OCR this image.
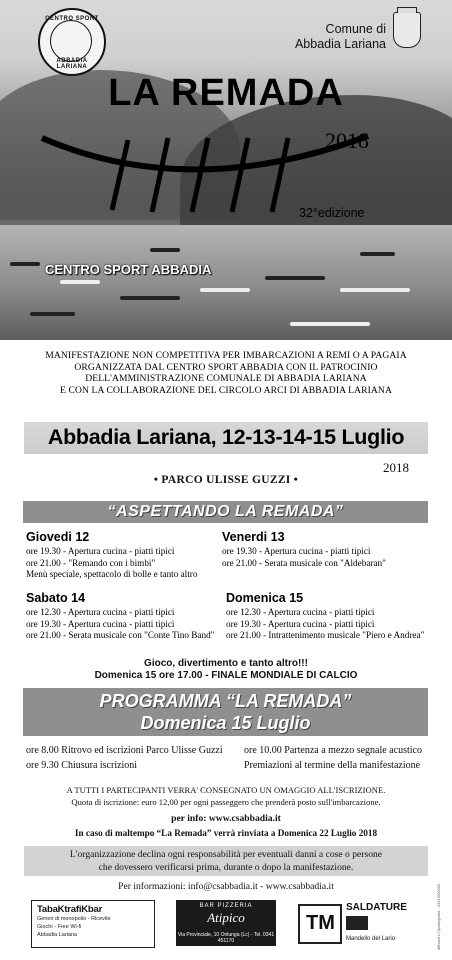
CENTRO SPORT
ABBADIA LARIANA
Comune di
Abbadia Lariana
LA REMADA
2018
32°edizione
CENTRO SPORT ABBADIA
MANIFESTAZIONE NON COMPETITIVA PER IMBARCAZIONI A REMI O A PAGAIA
ORGANIZZATA DAL CENTRO SPORT ABBADIA CON IL PATROCINIO
DELL'AMMINISTRAZIONE COMUNALE DI ABBADIA LARIANA
E CON LA COLLABORAZIONE DEL CIRCOLO ARCI DI ABBADIA LARIANA
Abbadia Lariana, 12-13-14-15 Luglio
2018
• PARCO ULISSE GUZZI •
“ASPETTANDO LA REMADA”
Giovedi 12
ore 19.30 - Apertura cucina - piatti tipici
ore 21.00 - "Remando con i bimbi"
Menù speciale, spettacolo di bolle e tanto altro
Venerdi 13
ore 19.30 - Apertura cucina - piatti tipici
ore 21.00 - Serata musicale con "Aldebaran"
Sabato 14
ore 12.30 - Apertura cucina - piatti tipici
ore 19.30 - Apertura cucina - piatti tipici
ore 21.00 - Serata musicale con "Conte Tino Band"
Domenica 15
ore 12.30 - Apertura cucina - piatti tipici
ore 19.30 - Apertura cucina - piatti tipici
ore 21.00 - Intrattenimento musicale "Piero e Andrea"
Gioco, divertimento e tanto altro!!!
Domenica 15 ore 17.00 - FINALE MONDIALE DI CALCIO
PROGRAMMA “LA REMADA”
Domenica 15 Luglio
ore 8.00 Ritrovo ed iscrizioni Parco Ulisse Guzzi
ore 9.30 Chiusura iscrizioni
ore 10.00 Partenza a mezzo segnale acustico
Premiazioni al termine della manifestazione
A TUTTI I PARTECIPANTI VERRA' CONSEGNATO UN OMAGGIO ALL'ISCRIZIONE.
Quota di iscrizione: euro 12,00 per ogni passeggero che prenderà posto sull'imbarcazione.
per info: www.csabbadia.it
In caso di maltempo “La Remada” verrà rinviata a Domenica 22 Luglio 2018
L'organizzazione declina ogni responsabilità per eventuali danni a cose o persone
che dovessero verificarsi prima, durante o dopo la manifestazione.
Per informazioni: info@csabbadia.it - www.csabbadia.it
TabaKtrafiKbar
Generi di monopolio - Ricevite
Giochi - Free Wi-fi
Abbadia Lariana
BAR PIZZERIA
Atipico
Via Provinciale, 10 Onlunga (Lc) - Tel. 0341 451170
TM
SALDATURE
Mandello del Lario	affissioni Tipolitografia - 0341/000000
